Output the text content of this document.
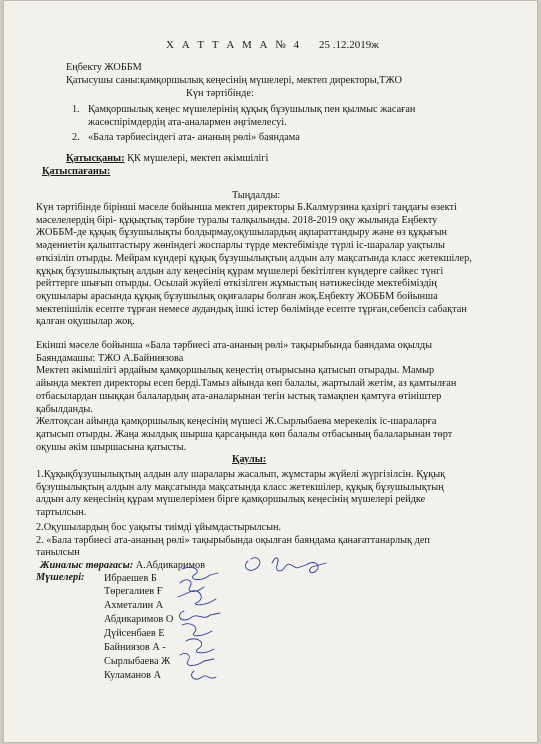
Х А Т Т А М А № 4 25 .12.2019ж
Еңбекту ЖОББМ
Қатысушы саны:қамқоршылық кеңесінің мүшелері, мектеп директоры,ТЖО
Күн тәртібінде:
1. Қамқоршылық кеңес мүшелерінің құқық бұзушылық пен қылмыс жасаған
жасөспірімдердің ата-аналармен әңгімелесуі.
2. «Бала тәрбиесіндегі ата- ананың рөлі» баяндама
Қатысқаны: ҚК мүшелері, мектеп әкімшілігі
Қатыспағаны:
Тыңдалды:
Күн тәртібінде бірінші мәселе бойынша мектеп директоры Б.Калмурзина қазіргі таңдағы өзекті
мәселелердің бірі- құқықтық тәрбие туралы талқылынды. 2018-2019 оқу жылында Еңбекту
ЖОББМ-де құқық бұзушылықты болдырмау,оқушылардың ақпараттандыру және өз құқығын
мәдениетін қалыптастыру жөніндегі жоспарлы түрде мектебімізде түрлі іс-шаралар уақтылы
өткізіліп отырды. Мейрам күндері құқық бұзушылықтың алдын алу мақсатында класс жетекшілер,
құқық бұзушылықтың алдын алу кеңесінің құрам мүшелері бекітілген күндерге сәйкес түнгі
рейттерге шығып отырды. Осылай жүйелі өткізілген жұмыстың нәтижесінде мектебіміздің
оқушылары арасында құқық бұзушылық оқиғалары болған жоқ.Еңбекту ЖОББМ бойынша
мектепішілік есепте тұрған немесе аудандық ішкі істер бөлімінде есепте тұрған,себепсіз сабақтан
қалған оқушылар жоқ.
Екінші мәселе бойынша «Бала тәрбиесі ата-ананың рөлі» тақырыбында баяндама оқылды
Баяндамашы: ТЖО А.Байниязова
Мектеп әкімшілігі әрдайым қамқоршылық кеңестің отырысына қатысып отырады. Мамыр
айында мектеп директоры есеп берді.Тамыз айында көп балалы, жартылай жетім, аз қамтылған
отбасылардан шыққан балалардың ата-аналарынан тегін ыстық тамақпен қамтуға өтініштер
қабылданды.
Желтоқсан айында қамқоршылық кеңесінің мүшесі Ж.Сырлыбаева мерекелік іс-шараларға
қатысып отырды. Жаңа жылдық шырша қарсаңында көп балалы отбасының балаларынан төрт
оқушы әкім шыршасына қатысты.
Қаулы:
1.Құқықбұзушылықтың алдын алу шаралары жасалып, жұмстары жүйелі жүргізілсін. Құқық
бұзушылықтың алдын алу мақсатында мақсатында класс жетекшілер, құқық бұзушылықтың
алдын алу кеңесінің құрам мүшелерімен бірге қамқоршылық кеңесінің мүшелері рейдке
тартылсын.
2.Оқушылардың бос уақыты тиімді ұйымдастырылсын.
2. «Бала тәрбиесі ата-ананың рөлі» тақырыбында оқылған баяндама қанағаттанарлық деп
танылсын
Жиналыс төрағасы: А.Абдикаримов
Мүшелері: Ибраешев Б
Төрегалиев Ғ
Ахметалин А
Абдикаримов О
Дүйсенбаев Е
Байниязов А -
Сырлыбаева Ж
Куламанов А
